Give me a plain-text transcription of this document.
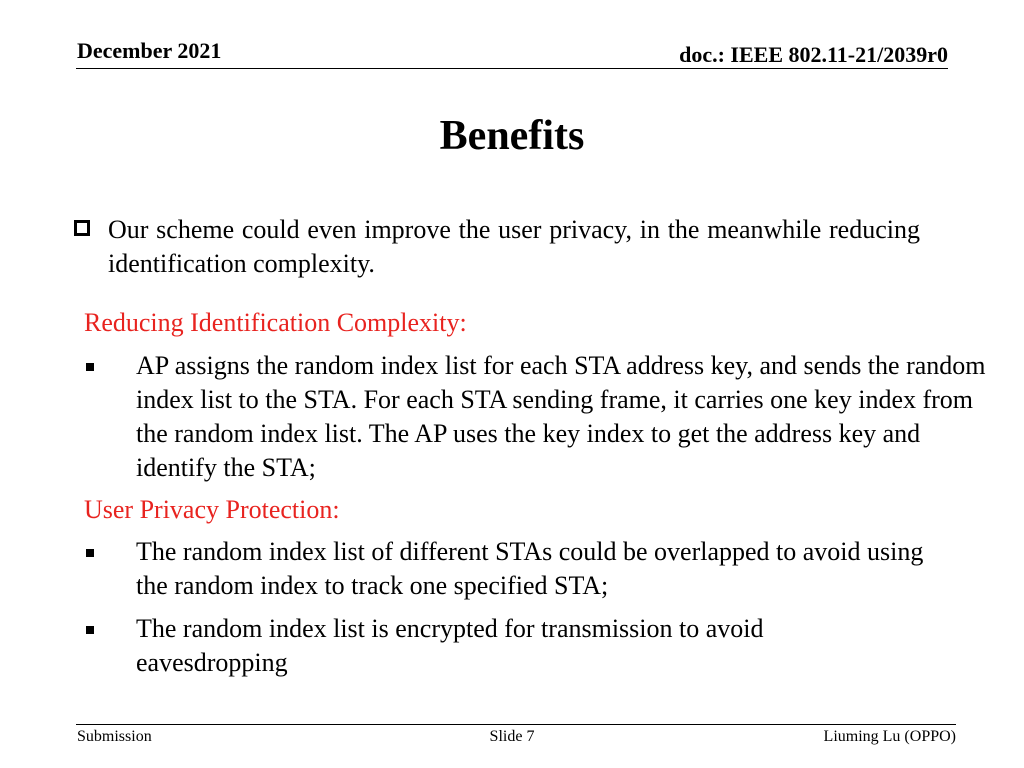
December 2021	doc.: IEEE 802.11-21/2039r0
Benefits
Our scheme could even improve the user privacy, in the meanwhile reducing identification complexity.
Reducing Identification Complexity:
AP assigns the random index list for each STA address key, and sends the random index list to the STA. For each STA sending frame, it carries one key index from the random index list. The AP uses the key index to get the address key and identify the STA;
User Privacy Protection:
The random index list of different STAs could be overlapped to avoid using the random index to track one specified STA;
The random index list is encrypted for transmission to avoid eavesdropping
Submission	Slide 7	Liuming Lu (OPPO)
